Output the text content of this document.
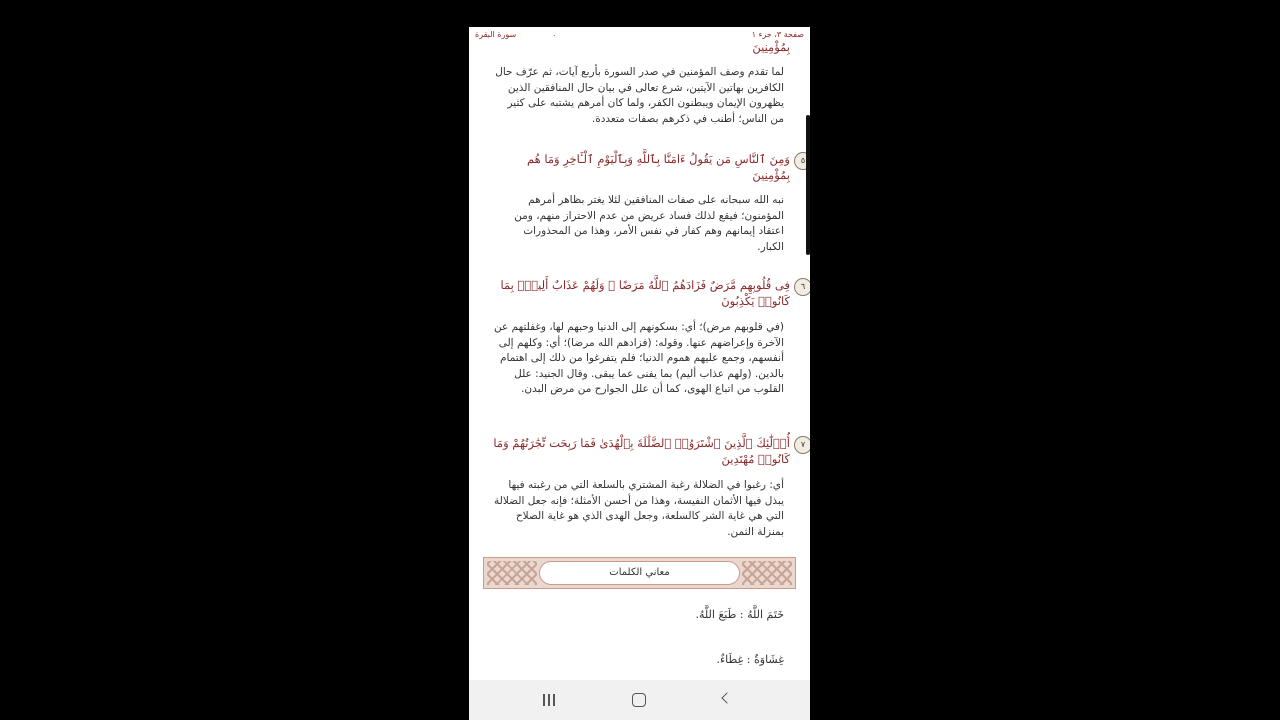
صفحة ٣، جزء ١
.
سورة البقرة
بِمُؤْمِنِينَ
لما تقدم وصف المؤمنين في صدر السورة بأربع آيات، ثم عرّف حال الكافرين بهاتين الآيتين، شرع تعالى في بيان حال المنافقين الذين يظهرون الإيمان ويبطنون الكفر، ولما كان أمرهم يشتبه على كثير من الناس؛ أطنب في ذكرهم بصفات متعددة.
٥
وَمِنَ ٱلنَّاسِ مَن يَقُولُ ءَامَنَّا بِٱللَّهِ وَبِٱلْيَوْمِ ٱلْـَٔاخِرِ وَمَا هُم بِمُؤْمِنِينَ
نبه الله سبحانه على صفات المنافقين لئلا يغتر بظاهر أمرهم المؤمنون؛ فيقع لذلك فساد عريض من عدم الاحتراز منهم، ومن اعتقاد إيمانهم وهم كفار في نفس الأمر، وهذا من المحذورات الكبار.
٦
فِى قُلُوبِهِم مَّرَضٌ فَزَادَهُمُ ٱللَّهُ مَرَضًا ۖ وَلَهُمْ عَذَابٌ أَلِيمٌۢ بِمَا كَانُوا۟ يَكْذِبُونَ
(في قلوبهم مرض)؛ أي: بسكونهم إلى الدنيا وحبهم لها، وغفلتهم عن الآخرة وإعراضهم عنها. وقوله: (فزادهم الله مرضا)؛ أي: وكلهم إلى أنفسهم، وجمع عليهم هموم الدنيا؛ فلم يتفرغوا من ذلك إلى اهتمام بالدين. (ولهم عذاب أليم) بما يفنى عما يبقى. وقال الجنيد: علل القلوب من اتباع الهوى، كما أن علل الجوارح من مرض البدن.
٧
أُو۟لَٰٓئِكَ ٱلَّذِينَ ٱشْتَرَوُا۟ ٱلضَّلَٰلَةَ بِٱلْهُدَىٰ فَمَا رَبِحَت تِّجَٰرَتُهُمْ وَمَا كَانُوا۟ مُهْتَدِينَ
أي: رغبوا في الضلالة رغبة المشتري بالسلعة التي من رغبته فيها يبذل فيها الأثمان النفيسة، وهذا من أحسن الأمثلة؛ فإنه جعل الضلالة التي هي غاية الشر كالسلعة، وجعل الهدى الذي هو غاية الصلاح بمنزلة الثمن.
معاني الكلمات
خَتَمَ اللَّهُ : طَبَعَ اللَّهُ.
غِشَاوَةٌ : غِطَاءٌ.
